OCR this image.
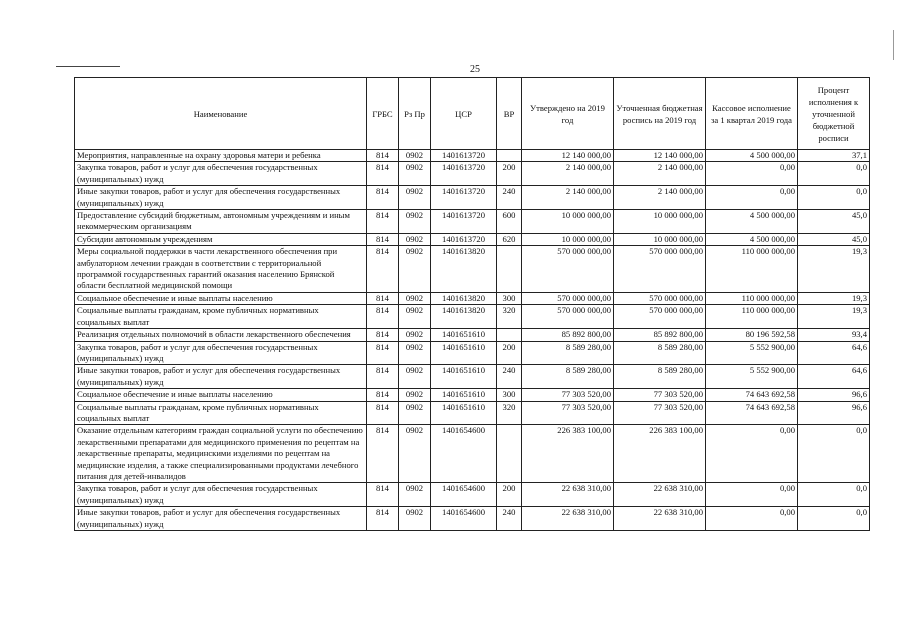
25
Наименование	ГРБС	Рз Пр	ЦСР	ВР	Утверждено на 2019 год	Уточненная бюджетная роспись на 2019 год	Кассовое исполнение за 1 квартал 2019 года	Процент исполнения к уточненной бюджетной росписи
Мероприятия, направленные на охрану здоровья матери и ребенка	814	0902	1401613720		12 140 000,00	12 140 000,00	4 500 000,00	37,1
Закупка товаров, работ и услуг для обеспечения государственных (муниципальных) нужд	814	0902	1401613720	200	2 140 000,00	2 140 000,00	0,00	0,0
Иные закупки товаров, работ и услуг для обеспечения государственных (муниципальных) нужд	814	0902	1401613720	240	2 140 000,00	2 140 000,00	0,00	0,0
Предоставление субсидий бюджетным, автономным учреждениям и иным некоммерческим организациям	814	0902	1401613720	600	10 000 000,00	10 000 000,00	4 500 000,00	45,0
Субсидии автономным учреждениям	814	0902	1401613720	620	10 000 000,00	10 000 000,00	4 500 000,00	45,0
Меры социальной поддержки в части лекарственного обеспечения при амбулаторном лечении граждан в соответствии с территориальной программой государственных гарантий оказания населению Брянской области бесплатной медицинской помощи	814	0902	1401613820		570 000 000,00	570 000 000,00	110 000 000,00	19,3
Социальное обеспечение и иные выплаты населению	814	0902	1401613820	300	570 000 000,00	570 000 000,00	110 000 000,00	19,3
Социальные выплаты гражданам, кроме публичных нормативных социальных выплат	814	0902	1401613820	320	570 000 000,00	570 000 000,00	110 000 000,00	19,3
Реализация отдельных полномочий в области лекарственного обеспечения	814	0902	1401651610		85 892 800,00	85 892 800,00	80 196 592,58	93,4
Закупка товаров, работ и услуг для обеспечения государственных (муниципальных) нужд	814	0902	1401651610	200	8 589 280,00	8 589 280,00	5 552 900,00	64,6
Иные закупки товаров, работ и услуг для обеспечения государственных (муниципальных) нужд	814	0902	1401651610	240	8 589 280,00	8 589 280,00	5 552 900,00	64,6
Социальное обеспечение и иные выплаты населению	814	0902	1401651610	300	77 303 520,00	77 303 520,00	74 643 692,58	96,6
Социальные выплаты гражданам, кроме публичных нормативных социальных выплат	814	0902	1401651610	320	77 303 520,00	77 303 520,00	74 643 692,58	96,6
Оказание отдельным категориям граждан социальной услуги по обеспечению лекарственными препаратами для медицинского применения по рецептам на лекарственные препараты, медицинскими изделиями по рецептам на медицинские изделия, а также специализированными продуктами лечебного питания для детей-инвалидов	814	0902	1401654600		226 383 100,00	226 383 100,00	0,00	0,0
Закупка товаров, работ и услуг для обеспечения государственных (муниципальных) нужд	814	0902	1401654600	200	22 638 310,00	22 638 310,00	0,00	0,0
Иные закупки товаров, работ и услуг для обеспечения государственных (муниципальных) нужд	814	0902	1401654600	240	22 638 310,00	22 638 310,00	0,00	0,0
